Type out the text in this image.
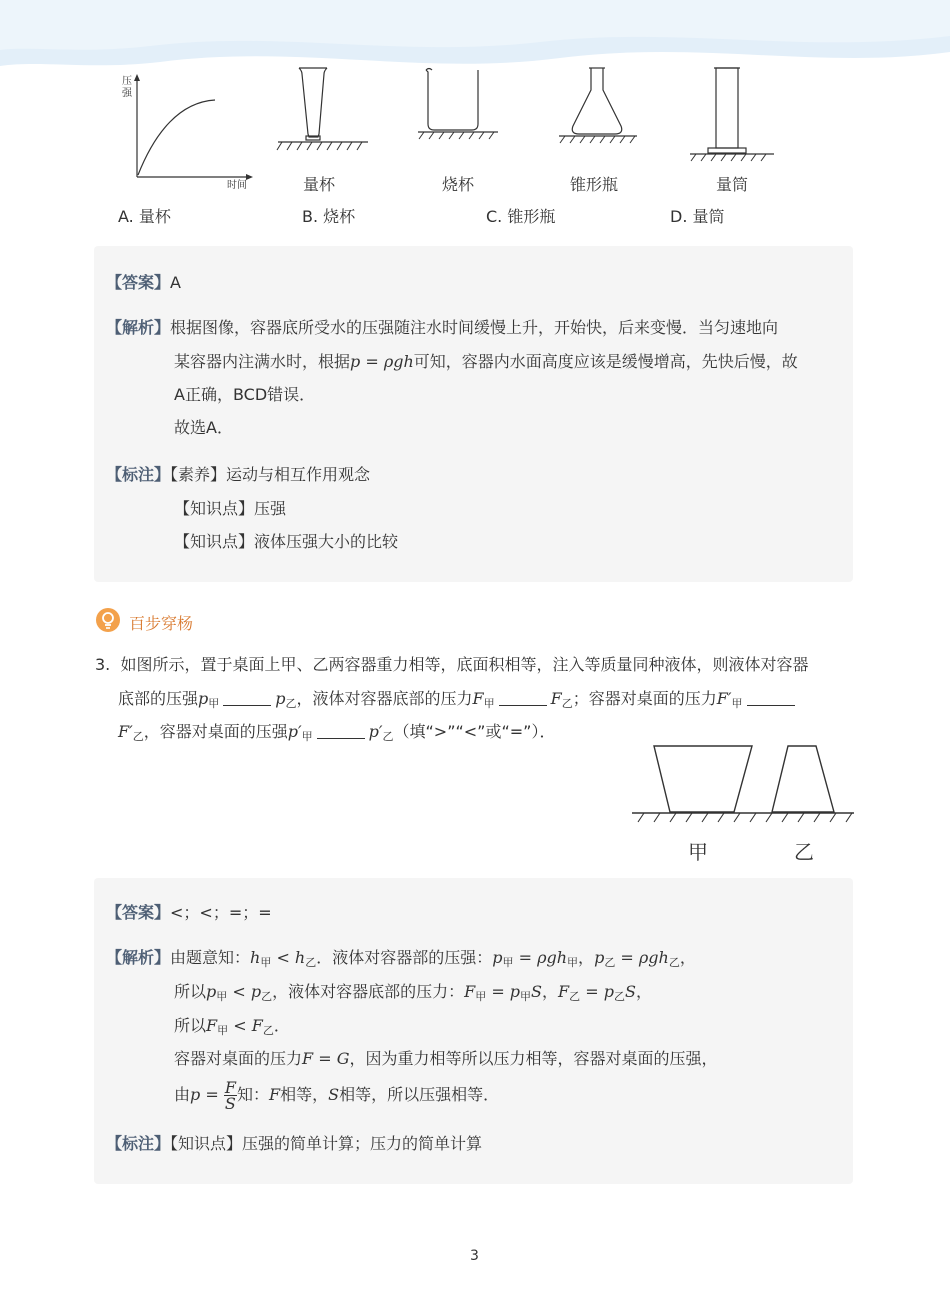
压
强
时间	量杯	烧杯	锥形瓶	量筒
A. 量杯	B. 烧杯	C. 锥形瓶	D. 量筒
【答案】A
【解析】根据图像，容器底所受水的压强随注水时间缓慢上升，开始快，后来变慢．当匀速地向
某容器内注满水时，根据p = ρgh可知，容器内水面高度应该是缓慢增高，先快后慢，故
A正确，BCD错误．
故选A．
【标注】【素养】运动与相互作用观念
【知识点】压强
【知识点】液体压强大小的比较
百步穿杨
3. 如图所示，置于桌面上甲、乙两容器重力相等，底面积相等，注入等质量同种液体，则液体对容器
底部的压强$p_甲$	$p_乙$，液体对容器底部的压力$F_甲$	$F_乙$；容器对桌面的压力$F'_甲$
$F'_乙$，容器对桌面的压强$p'_甲$	$p'_乙$（填“>”“<”或“=”）．
甲	乙
【答案】<；<；=；=
【解析】由题意知：$h_甲 < h_乙$．液体对容器部的压强：$p_甲 = \rho gh_甲$，$p_乙 = \rho gh_乙$，
所以$p_甲 < p_乙$，液体对容器底部的压力：$F_甲 = p_甲S$，$F_乙 = p_乙S$，
所以$F_甲 < F_乙$．
容器对桌面的压力F = G，因为重力相等所以压力相等，容器对桌面的压强，
由$p = \frac{F}{S}$ 知：F相等，S相等，所以压强相等．
【标注】【知识点】压强的简单计算；压力的简单计算
3
